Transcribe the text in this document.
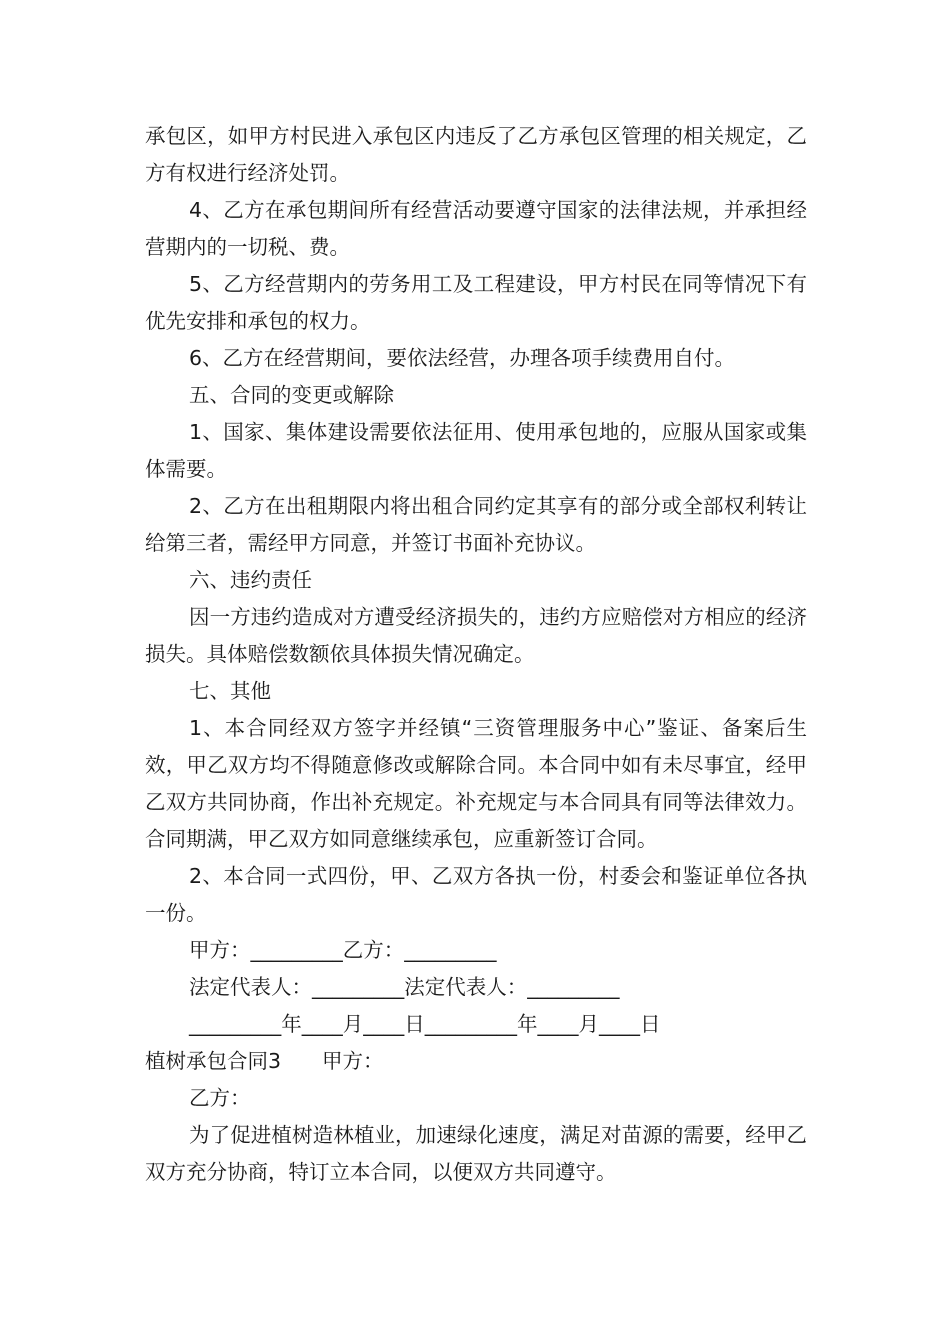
承包区，如甲方村民进入承包区内违反了乙方承包区管理的相关规定，乙方有权进行经济处罚。

4、乙方在承包期间所有经营活动要遵守国家的法律法规，并承担经营期内的一切税、费。

5、乙方经营期内的劳务用工及工程建设，甲方村民在同等情况下有优先安排和承包的权力。

6、乙方在经营期间，要依法经营，办理各项手续费用自付。

五、合同的变更或解除

1、国家、集体建设需要依法征用、使用承包地的，应服从国家或集体需要。

2、乙方在出租期限内将出租合同约定其享有的部分或全部权利转让给第三者，需经甲方同意，并签订书面补充协议。

六、违约责任

因一方违约造成对方遭受经济损失的，违约方应赔偿对方相应的经济损失。具体赔偿数额依具体损失情况确定。

七、其他

1、本合同经双方签字并经镇“三资管理服务中心”鉴证、备案后生效，甲乙双方均不得随意修改或解除合同。本合同中如有未尽事宜，经甲乙双方共同协商，作出补充规定。补充规定与本合同具有同等法律效力。合同期满，甲乙双方如同意继续承包，应重新签订合同。

2、本合同一式四份，甲、乙双方各执一份，村委会和鉴证单位各执一份。

甲方：_________乙方：_________

法定代表人：_________法定代表人：_________

_________年____月____日_________年____月____日

植树承包合同3　　甲方：

乙方：

为了促进植树造林植业，加速绿化速度，满足对苗源的需要，经甲乙双方充分协商，特订立本合同，以便双方共同遵守。
